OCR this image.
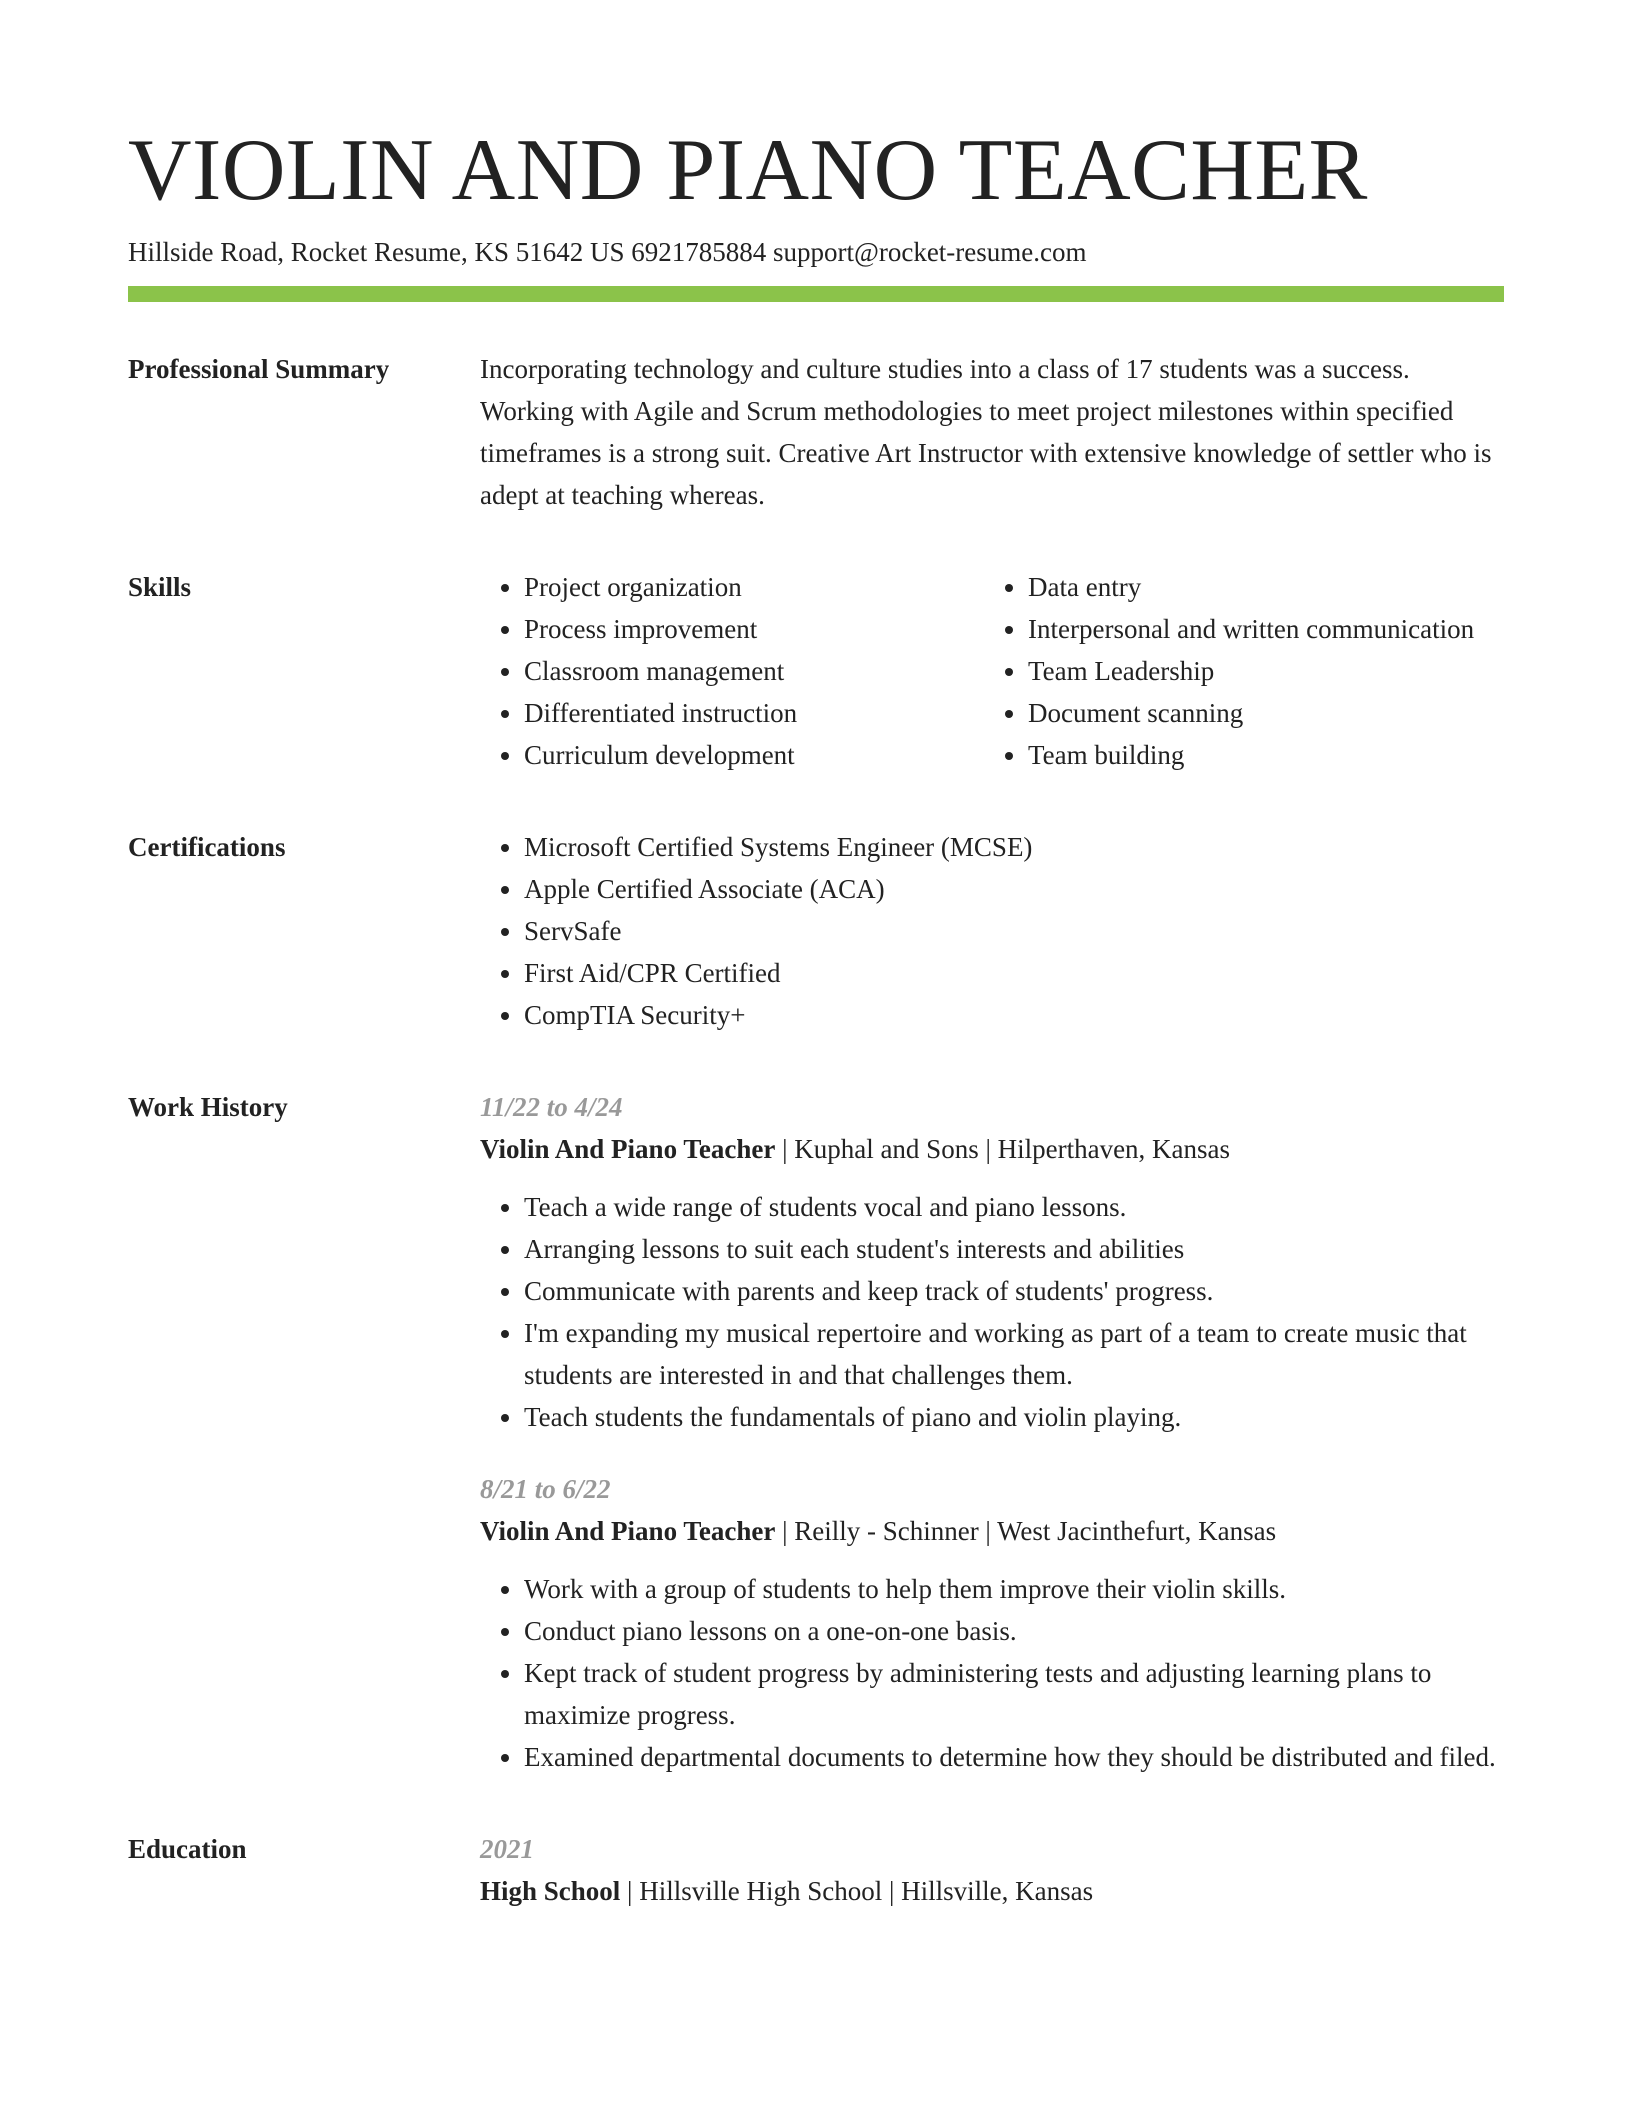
VIOLIN AND PIANO TEACHER
Hillside Road, Rocket Resume, KS 51642 US 6921785884 support@rocket-resume.com
Professional Summary	Incorporating technology and culture studies into a class of 17 students was a success. Working with Agile and Scrum methodologies to meet project milestones within specified timeframes is a strong suit. Creative Art Instructor with extensive knowledge of settler who is adept at teaching whereas.

Skills	• Project organization
• Process improvement
• Classroom management
• Differentiated instruction
• Curriculum development
• Data entry
• Interpersonal and written communication
• Team Leadership
• Document scanning
• Team building
Certifications	• Microsoft Certified Systems Engineer (MCSE)
• Apple Certified Associate (ACA)
• ServSafe
• First Aid/CPR Certified
• CompTIA Security+
Work History	11/22 to 4/24
Violin And Piano Teacher | Kuphal and Sons | Hilperthaven, Kansas
• Teach a wide range of students vocal and piano lessons.
• Arranging lessons to suit each student's interests and abilities
• Communicate with parents and keep track of students' progress.
• I'm expanding my musical repertoire and working as part of a team to create music that students are interested in and that challenges them.
• Teach students the fundamentals of piano and violin playing.
8/21 to 6/22
Violin And Piano Teacher | Reilly - Schinner | West Jacinthefurt, Kansas
• Work with a group of students to help them improve their violin skills.
• Conduct piano lessons on a one-on-one basis.
• Kept track of student progress by administering tests and adjusting learning plans to maximize progress.
• Examined departmental documents to determine how they should be distributed and filed.
Education	2021
High School | Hillsville High School | Hillsville, Kansas
